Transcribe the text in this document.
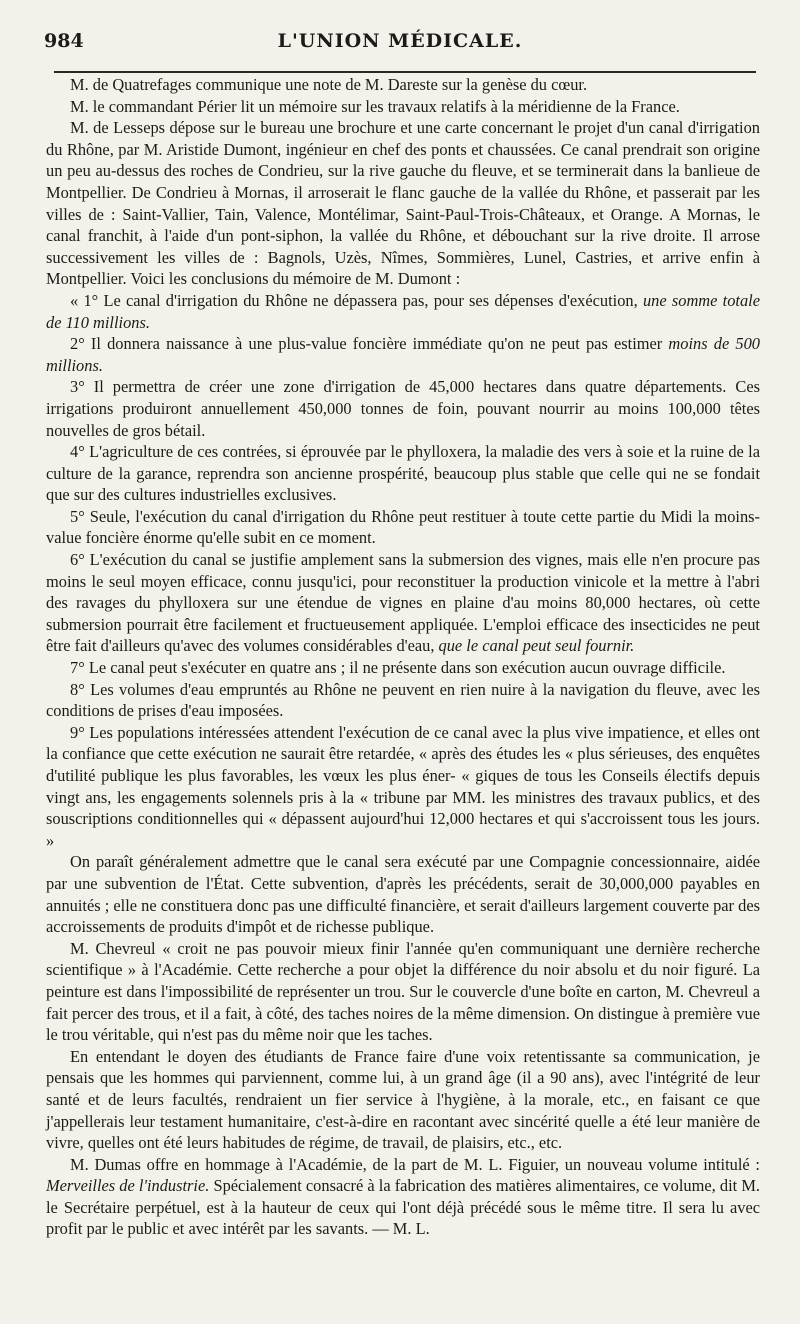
984	L'UNION MÉDICALE.

M. de Quatrefages communique une note de M. Dareste sur la genèse du cœur.

M. le commandant Périer lit un mémoire sur les travaux relatifs à la méridienne de la France.

M. de Lesseps dépose sur le bureau une brochure et une carte concernant le projet d'un canal d'irrigation du Rhône, par M. Aristide Dumont, ingénieur en chef des ponts et chaussées. Ce canal prendrait son origine un peu au-dessus des roches de Condrieu, sur la rive gauche du fleuve, et se terminerait dans la banlieue de Montpellier. De Condrieu à Mornas, il arroserait le flanc gauche de la vallée du Rhône, et passerait par les villes de : Saint-Vallier, Tain, Valence, Montélimar, Saint-Paul-Trois-Châteaux, et Orange. A Mornas, le canal franchit, à l'aide d'un pont-siphon, la vallée du Rhône, et débouchant sur la rive droite. Il arrose successivement les villes de : Bagnols, Uzès, Nîmes, Sommières, Lunel, Castries, et arrive enfin à Montpellier. Voici les conclusions du mémoire de M. Dumont :

« 1° Le canal d'irrigation du Rhône ne dépassera pas, pour ses dépenses d'exécution, une somme totale de 110 millions.

2° Il donnera naissance à une plus-value foncière immédiate qu'on ne peut pas estimer moins de 500 millions.

3° Il permettra de créer une zone d'irrigation de 45,000 hectares dans quatre départements. Ces irrigations produiront annuellement 450,000 tonnes de foin, pouvant nourrir au moins 100,000 têtes nouvelles de gros bétail.

4° L'agriculture de ces contrées, si éprouvée par le phylloxera, la maladie des vers à soie et la ruine de la culture de la garance, reprendra son ancienne prospérité, beaucoup plus stable que celle qui ne se fondait que sur des cultures industrielles exclusives.

5° Seule, l'exécution du canal d'irrigation du Rhône peut restituer à toute cette partie du Midi la moins-value foncière énorme qu'elle subit en ce moment.

6° L'exécution du canal se justifie amplement sans la submersion des vignes, mais elle n'en procure pas moins le seul moyen efficace, connu jusqu'ici, pour reconstituer la production vinicole et la mettre à l'abri des ravages du phylloxera sur une étendue de vignes en plaine d'au moins 80,000 hectares, où cette submersion pourrait être facilement et fructueusement appliquée. L'emploi efficace des insecticides ne peut être fait d'ailleurs qu'avec des volumes considérables d'eau, que le canal peut seul fournir.

7° Le canal peut s'exécuter en quatre ans ; il ne présente dans son exécution aucun ouvrage difficile.

8° Les volumes d'eau empruntés au Rhône ne peuvent en rien nuire à la navigation du fleuve, avec les conditions de prises d'eau imposées.

9° Les populations intéressées attendent l'exécution de ce canal avec la plus vive impatience, et elles ont la confiance que cette exécution ne saurait être retardée, « après des études les « plus sérieuses, des enquêtes d'utilité publique les plus favorables, les vœux les plus éner- « giques de tous les Conseils électifs depuis vingt ans, les engagements solennels pris à la « tribune par MM. les ministres des travaux publics, et des souscriptions conditionnelles qui « dépassent aujourd'hui 12,000 hectares et qui s'accroissent tous les jours. »

On paraît généralement admettre que le canal sera exécuté par une Compagnie concessionnaire, aidée par une subvention de l'État. Cette subvention, d'après les précédents, serait de 30,000,000 payables en annuités ; elle ne constituera donc pas une difficulté financière, et serait d'ailleurs largement couverte par des accroissements de produits d'impôt et de richesse publique.

M. Chevreul « croit ne pas pouvoir mieux finir l'année qu'en communiquant une dernière recherche scientifique » à l'Académie. Cette recherche a pour objet la différence du noir absolu et du noir figuré. La peinture est dans l'impossibilité de représenter un trou. Sur le couvercle d'une boîte en carton, M. Chevreul a fait percer des trous, et il a fait, à côté, des taches noires de la même dimension. On distingue à première vue le trou véritable, qui n'est pas du même noir que les taches.

En entendant le doyen des étudiants de France faire d'une voix retentissante sa communication, je pensais que les hommes qui parviennent, comme lui, à un grand âge (il a 90 ans), avec l'intégrité de leur santé et de leurs facultés, rendraient un fier service à l'hygiène, à la morale, etc., en faisant ce que j'appellerais leur testament humanitaire, c'est-à-dire en racontant avec sincérité quelle a été leur manière de vivre, quelles ont été leurs habitudes de régime, de travail, de plaisirs, etc., etc.

M. Dumas offre en hommage à l'Académie, de la part de M. L. Figuier, un nouveau volume intitulé : Merveilles de l'industrie. Spécialement consacré à la fabrication des matières alimentaires, ce volume, dit M. le Secrétaire perpétuel, est à la hauteur de ceux qui l'ont déjà précédé sous le même titre. Il sera lu avec profit par le public et avec intérêt par les savants. — M. L.
